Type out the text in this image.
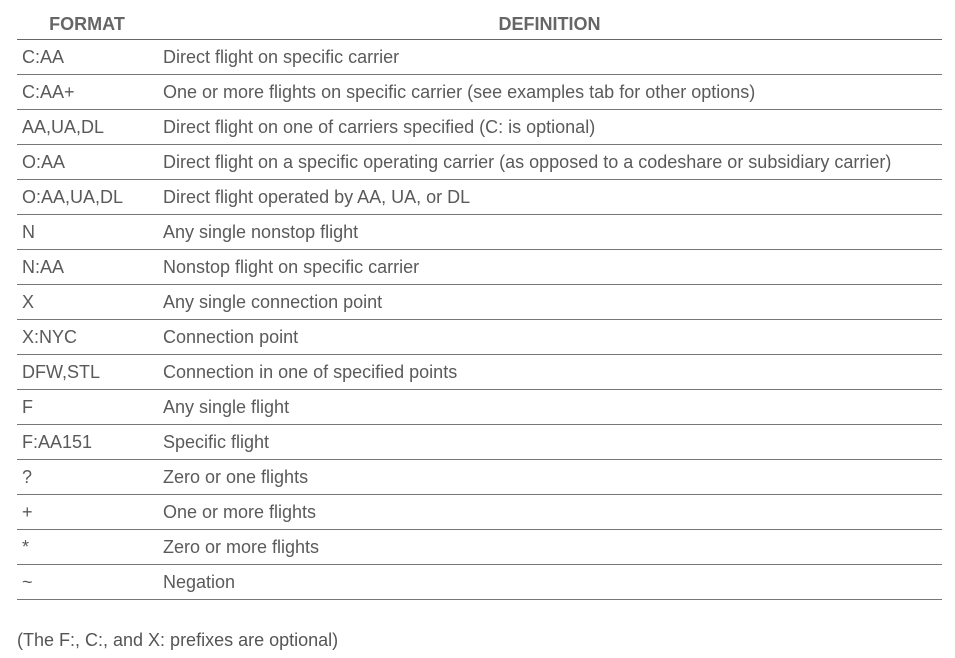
FORMAT	DEFINITION
C:AA	Direct flight on specific carrier
C:AA+	One or more flights on specific carrier (see examples tab for other options)
AA,UA,DL	Direct flight on one of carriers specified (C: is optional)
O:AA	Direct flight on a specific operating carrier (as opposed to a codeshare or subsidiary carrier)
O:AA,UA,DL	Direct flight operated by AA, UA, or DL
N	Any single nonstop flight
N:AA	Nonstop flight on specific carrier
X	Any single connection point
X:NYC	Connection point
DFW,STL	Connection in one of specified points
F	Any single flight
F:AA151	Specific flight
?	Zero or one flights
+	One or more flights
*	Zero or more flights
~	Negation
(The F:, C:, and X: prefixes are optional)
